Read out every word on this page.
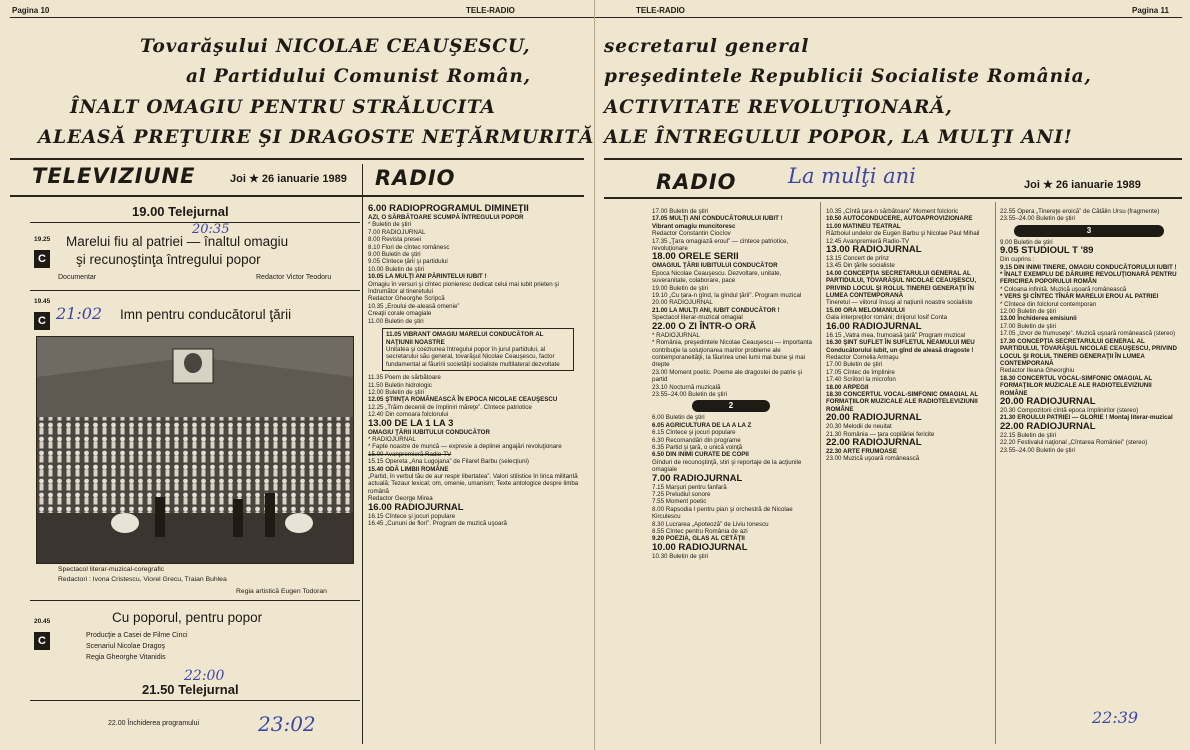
Pagina 10	TELE-RADIO	TELE-RADIO	Pagina 11
Tovarăşului NICOLAE CEAUŞESCU,
al Partidului Comunist Român,
ÎNALT OMAGIU PENTRU STRĂLUCITA
ALEASĂ PREŢUIRE ŞI DRAGOSTE NEŢĂRMURITĂ
secretarul general
preşedintele Republicii Socialiste România,
ACTIVITATE REVOLUŢIONARĂ,
ALE ÎNTREGULUI POPOR, LA MULŢI ANI!
TELEVIZIUNE	Joi ★ 26 ianuarie 1989 RADIO	RADIO La mulţi ani	Joi ★ 26 ianuarie 1989
19.00 Telejurnal
20:35
19.25
C
Marelui fiu al patriei — înaltul omagiu
şi recunoştinţa întregului popor
Documentar	Redactor Victor Teodoru
19.45
C 21:02 Imn pentru conducătorul ţării
Spectacol literar-muzical-coregrafic
Redactori : Ivona Cristescu, Viorel Grecu, Traian Buhlea
Regia artistică Eugen Todoran
20.45
C
Cu poporul, pentru popor
Producţie a Casei de Filme Cinci
Scenariul Nicolae Dragoş
Regia Gheorghe Vitanidis
22:00
21.50 Telejurnal
22.00 Închiderea programului	23:02

6.00 RADIOPROGRAMUL DIMINEŢII

AZI, O SĂRBĂTOARE SCUMPĂ ÎNTREGULUI POPOR

* Buletin de ştiri

7.00 RADIOJURNAL

8.00 Revista presei

8.10 Flori de cîntec românesc

9.00 Buletin de ştiri

9.05 Cîntece ţării şi partidului

10.00 Buletin de ştiri

10.05 LA MULŢI ANI PĂRINTELUI IUBIT !

Omagiu în versuri şi cîntec pionieresc dedicat celui mai iubit prieten şi îndrumător al tineretului

Redactor Gheorghe Scripcă

10.35 „Eroului de-aleasă omenie”

Creaţii corale omagiale

11.00 Buletin de ştiri

11.05 VIBRANT OMAGIU MARELUI CONDUCĂTOR AL NAŢIUNII NOASTRE

Unitatea şi coeziunea întregului popor în jurul partidului, al secretarului său general, tovarăşul Nicolae Ceauşescu, factor fundamental al făuririi societăţii socialiste multilateral dezvoltate

11.35 Poem de sărbătoare

11.50 Buletin hidrologic

12.00 Buletin de ştiri

12.05 ŞTIINŢA ROMÂNEASCĂ ÎN EPOCA NICOLAE CEAUŞESCU

12.25 „Trăim deceniii de împliniri măreţe”. Cîntece patriotice

12.40 Din comoara folclorului

13.00 DE LA 1 LA 3

OMAGIU ŢĂRII IUBITULUI CONDUCĂTOR

* RADIOJURNAL

* Fapte noastre de muncă — expresie a deplinei angajări revoluţionare

15.00 Avanpremieră Radio-TV

15.15 Opereta „Ana Lugojana” de Filaret Barbu (selecţiuni)

15.40 ODĂ LIMBII ROMÂNE

„Partid, în verbul tău de aur respir libertatea”. Valori stilistice în lirica militantă actuală; Tezaur lexical; om, omenie, umanism; Texte antologice despre limba română

Redactor George Mirea

16.00 RADIOJURNAL

16.15 Cîntece şi jocuri populare

16.45 „Cununi de flori”. Program de muzică uşoară

17.00 Buletin de ştiri

17.05 MULŢI ANI CONDUCĂTORULUI IUBIT !

Vibrant omagiu muncitoresc

Redactor Constantin Ciocîov

17.35 „Ţara omagiază eroul” — cîntece patriotice, revoluţionare

18.00 ORELE SERII

OMAGIUL ŢĂRII IUBITULUI CONDUCĂTOR

Epoca Nicolae Ceauşescu. Dezvoltare, unitate, suveranitate, colaborare, pace

19.00 Buletin de ştiri

19.10 „Cu ţara-n gînd, la gîndul ţării”. Program muzical

20.00 RADIOJURNAL

21.00 LA MULŢI ANI, IUBIT CONDUCĂTOR !

Spectacol literar-muzical omagial

22.00 O ZI ÎNTR-O ORĂ

* RADIOJURNAL

* România, preşedintele Nicolae Ceauşescu — importanta contribuţie la soluţionarea marilor probleme ale contemporaneităţii, la făurirea unei lumi mai bune şi mai drepte

23.00 Moment poetic. Poeme ale dragostei de patrie şi partid

23.10 Nocturnă muzicală

23.55–24.00 Buletin de ştiri

2

6.00 Buletin de ştiri

6.05 AGRICULTURA DE LA A LA Z

6.15 Cîntece şi jocuri populare

6.30 Recomandări din programe

6.35 Partid şi ţară, o unică voinţă

6.50 DIN INIMI CURATE DE COPII

Gînduri de recunoştinţă, stiri şi reportaje de la acţiunile omagiale

7.00 RADIOJURNAL

7.15 Marşuri pentru fanfară

7.25 Preludiul sonore

7.55 Moment poetic

8.00 Rapsodia I pentru pian şi orchestră de Nicolae Kirculescu

8.30 Lucrarea „Apoteoză” de Liviu Ionescu

8.55 Cîntec pentru România de azi

9.20 POEZIA, GLAS AL CETĂŢII

10.00 RADIOJURNAL

10.30 Buletin de ştiri

10.35 „Cîntă ţara-n sărbătoare” Moment folcloric

10.50 AUTOCONDUCERE, AUTOAPROVIZIONARE

11.00 MATINEU TEATRAL

Războiul undelor de Eugen Barbu şi Nicolae Paul Mihail

12.45 Avanpremieră Radio-TV

13.00 RADIOJURNAL

13.15 Concert de prînz

13.45 Din ţările socialiste

14.00 CONCEPŢIA SECRETARULUI GENERAL AL PARTIDULUI, TOVARĂŞUL NICOLAE CEAUŞESCU, PRIVIND LOCUL ŞI ROLUL TINEREI GENERAŢII ÎN LUMEA CONTEMPORANĂ

Tineretul — viitorul însuşi al națiunii noastre socialiste

15.00 ORA MELOMANULUI

Gala interpreţilor români; dirijorul Iosif Conta

16.00 RADIOJURNAL

16.15 „Vatra mea, frumoasă ţară” Program muzical

16.30 ŞINT SUFLET ÎN SUFLETUL NEAMULUI MEU

Conducătorului iubit, un gînd de aleasă dragoste !

Redactor Cornelia Armaşu

17.00 Buletin de ştiri

17.05 Cîntec de împlinire

17.40 Scriitori la microfon

18.00 ARPEGII

18.30 CONCERTUL VOCAL-SIMFONIC OMAGIAL AL FORMAŢIILOR MUZICALE ALE RADIOTELEVIZIUNII ROMÂNE

20.00 RADIOJURNAL

20.30 Melodii de neuitat

21.30 România — ţara copilăriei fericite

22.00 RADIOJURNAL

22.30 ARTE FRUMOASE

23.00 Muzică uşoară românească

22.55 Opera „Tinereţe eroică” de Cătălin Ursu (fragmente)

23.55–24.00 Buletin de ştiri

3

9.00 Buletin de ştiri

9.05 STUDIOUL T '89

Din cuprins :

9.15 DIN INIMI TINERE, OMAGIU CONDUCĂTORULUI IUBIT !

* ÎNALT EXEMPLU DE DĂRUIRE REVOLUŢIONARĂ PENTRU FERICIREA POPORULUI ROMÂN

* Coloana infinită. Muzică uşoară românească

* VERS ŞI CÎNTEC TÎNĂR MARELUI EROU AL PATRIEI

* Cîntece din folclorul contemporan

12.00 Buletin de ştiri

13.00 Închiderea emisiunii

17.00 Buletin de ştiri

17.05 „Izvor de frumuseţe”. Muzică uşoară românească (stereo)

17.30 CONCEPŢIA SECRETARULUI GENERAL AL PARTIDULUI, TOVARĂŞUL NICOLAE CEAUŞESCU, PRIVIND LOCUL ŞI ROLUL TINEREI GENERAŢII ÎN LUMEA CONTEMPORANĂ

Redactor Ileana Gheorghiu

18.30 CONCERTUL VOCAL-SIMFONIC OMAGIAL AL FORMAŢIILOR MUZICALE ALE RADIOTELEVIZIUNII ROMÂNE

20.00 RADIOJURNAL

20.30 Compozitorii cîntă epoca împlinirilor (stereo)

21.30 EROULUI PATRIEI — GLORIE ! Montaj literar-muzical

22.00 RADIOJURNAL

22.15 Buletin de ştiri

22.20 Festivalul naţional „Cîntarea României” (stereo)

23.55–24.00 Buletin de ştiri

22:39
